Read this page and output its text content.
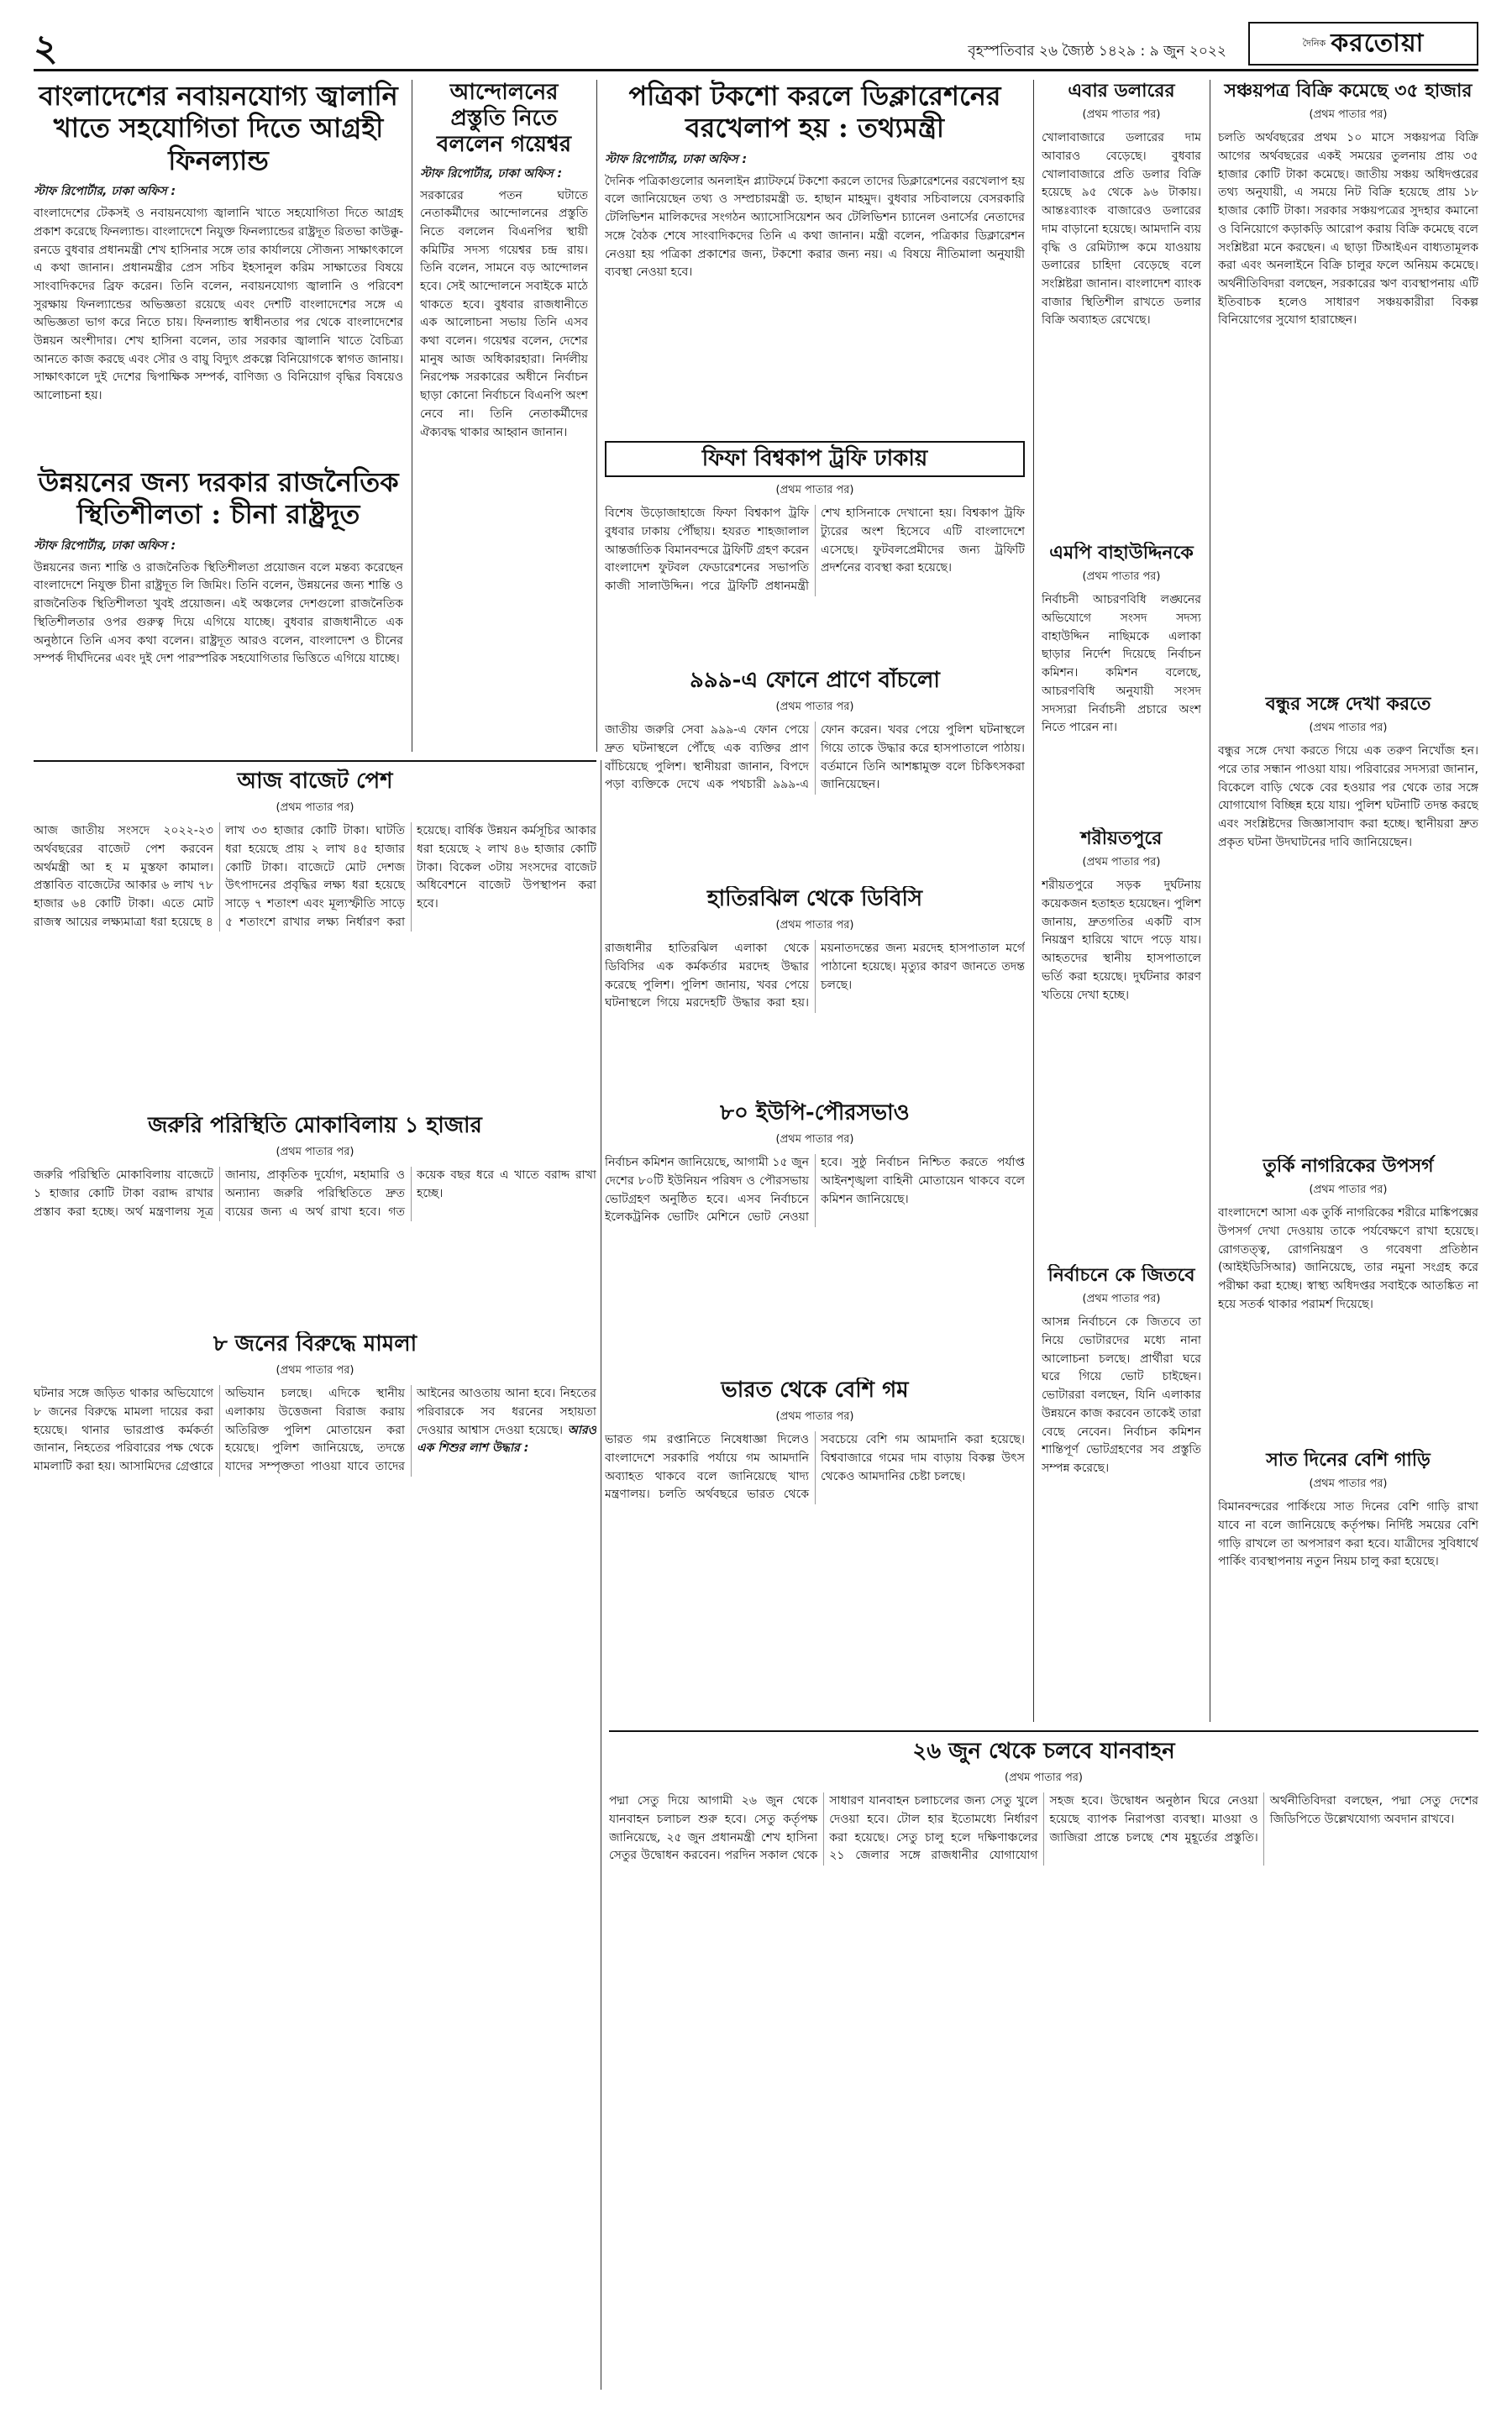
২	বৃহস্পতিবার ২৬ জ্যৈষ্ঠ ১৪২৯ : ৯ জুন ২০২২	দৈনিক করতোয়া
বাংলাদেশের নবায়নযোগ্য জ্বালানি খাতে সহযোগিতা দিতে আগ্রহী ফিনল্যান্ড
স্টাফ রিপোর্টার, ঢাকা অফিস :
বাংলাদেশের টেকসই ও নবায়নযোগ্য জ্বালানি খাতে সহযোগিতা দিতে আগ্রহ প্রকাশ করেছে ফিনল্যান্ড। বাংলাদেশে নিযুক্ত ফিনল্যান্ডের রাষ্ট্রদূত রিতভা কাউক্কু-রনডে বুধবার প্রধানমন্ত্রী শেখ হাসিনার সঙ্গে তার কার্যালয়ে সৌজন্য সাক্ষাৎকালে এ কথা জানান। প্রধানমন্ত্রীর প্রেস সচিব ইহসানুল করিম সাক্ষাতের বিষয়ে সাংবাদিকদের ব্রিফ করেন। তিনি বলেন, নবায়নযোগ্য জ্বালানি ও পরিবেশ সুরক্ষায় ফিনল্যান্ডের অভিজ্ঞতা রয়েছে এবং দেশটি বাংলাদেশের সঙ্গে এ অভিজ্ঞতা ভাগ করে নিতে চায়। ফিনল্যান্ড স্বাধীনতার পর থেকে বাংলাদেশের উন্নয়ন অংশীদার। শেখ হাসিনা বলেন, তার সরকার জ্বালানি খাতে বৈচিত্র্য আনতে কাজ করছে এবং সৌর ও বায়ু বিদ্যুৎ প্রকল্পে বিনিয়োগকে স্বাগত জানায়। সাক্ষাৎকালে দুই দেশের দ্বিপাক্ষিক সম্পর্ক, বাণিজ্য ও বিনিয়োগ বৃদ্ধির বিষয়েও আলোচনা হয়।
উন্নয়নের জন্য দরকার রাজনৈতিক স্থিতিশীলতা : চীনা রাষ্ট্রদূত
স্টাফ রিপোর্টার, ঢাকা অফিস :
উন্নয়নের জন্য শান্তি ও রাজনৈতিক স্থিতিশীলতা প্রয়োজন বলে মন্তব্য করেছেন বাংলাদেশে নিযুক্ত চীনা রাষ্ট্রদূত লি জিমিং। তিনি বলেন, উন্নয়নের জন্য শান্তি ও রাজনৈতিক স্থিতিশীলতা খুবই প্রয়োজন। এই অঞ্চলের দেশগুলো রাজনৈতিক স্থিতিশীলতার ওপর গুরুত্ব দিয়ে এগিয়ে যাচ্ছে। বুধবার রাজধানীতে এক অনুষ্ঠানে তিনি এসব কথা বলেন। রাষ্ট্রদূত আরও বলেন, বাংলাদেশ ও চীনের সম্পর্ক দীর্ঘদিনের এবং দুই দেশ পারস্পরিক সহযোগিতার ভিত্তিতে এগিয়ে যাচ্ছে।
আন্দোলনের প্রস্তুতি নিতে বললেন গয়েশ্বর
স্টাফ রিপোর্টার, ঢাকা অফিস :
সরকারের পতন ঘটাতে নেতাকর্মীদের আন্দোলনের প্রস্তুতি নিতে বললেন বিএনপির স্থায়ী কমিটির সদস্য গয়েশ্বর চন্দ্র রায়। তিনি বলেন, সামনে বড় আন্দোলন হবে। সেই আন্দোলনে সবাইকে মাঠে থাকতে হবে। বুধবার রাজধানীতে এক আলোচনা সভায় তিনি এসব কথা বলেন। গয়েশ্বর বলেন, দেশের মানুষ আজ অধিকারহারা। নির্দলীয় নিরপেক্ষ সরকারের অধীনে নির্বাচন ছাড়া কোনো নির্বাচনে বিএনপি অংশ নেবে না। তিনি নেতাকর্মীদের ঐক্যবদ্ধ থাকার আহ্বান জানান।
পত্রিকা টকশো করলে ডিক্লারেশনের বরখেলাপ হয় : তথ্যমন্ত্রী
স্টাফ রিপোর্টার, ঢাকা অফিস :
দৈনিক পত্রিকাগুলোর অনলাইন প্ল্যাটফর্মে টকশো করলে তাদের ডিক্লারেশনের বরখেলাপ হয় বলে জানিয়েছেন তথ্য ও সম্প্রচারমন্ত্রী ড. হাছান মাহমুদ। বুধবার সচিবালয়ে বেসরকারি টেলিভিশন মালিকদের সংগঠন অ্যাসোসিয়েশন অব টেলিভিশন চ্যানেল ওনার্সের নেতাদের সঙ্গে বৈঠক শেষে সাংবাদিকদের তিনি এ কথা জানান। মন্ত্রী বলেন, পত্রিকার ডিক্লারেশন নেওয়া হয় পত্রিকা প্রকাশের জন্য, টকশো করার জন্য নয়। এ বিষয়ে নীতিমালা অনুযায়ী ব্যবস্থা নেওয়া হবে।
ফিফা বিশ্বকাপ ট্রফি ঢাকায়
(প্রথম পাতার পর)
বিশেষ উড়োজাহাজে ফিফা বিশ্বকাপ ট্রফি বুধবার ঢাকায় পৌঁছায়। হযরত শাহজালাল আন্তর্জাতিক বিমানবন্দরে ট্রফিটি গ্রহণ করেন বাংলাদেশ ফুটবল ফেডারেশনের সভাপতি কাজী সালাউদ্দিন। পরে ট্রফিটি প্রধানমন্ত্রী শেখ হাসিনাকে দেখানো হয়। বিশ্বকাপ ট্রফি ট্যুরের অংশ হিসেবে এটি বাংলাদেশে এসেছে। ফুটবলপ্রেমীদের জন্য ট্রফিটি প্রদর্শনের ব্যবস্থা করা হয়েছে।
৯৯৯-এ ফোনে প্রাণে বাঁচলো
(প্রথম পাতার পর)
জাতীয় জরুরি সেবা ৯৯৯-এ ফোন পেয়ে দ্রুত ঘটনাস্থলে পৌঁছে এক ব্যক্তির প্রাণ বাঁচিয়েছে পুলিশ। স্থানীয়রা জানান, বিপদে পড়া ব্যক্তিকে দেখে এক পথচারী ৯৯৯-এ ফোন করেন। খবর পেয়ে পুলিশ ঘটনাস্থলে গিয়ে তাকে উদ্ধার করে হাসপাতালে পাঠায়। বর্তমানে তিনি আশঙ্কামুক্ত বলে চিকিৎসকরা জানিয়েছেন।
হাতিরঝিল থেকে ডিবিসি
(প্রথম পাতার পর)
রাজধানীর হাতিরঝিল এলাকা থেকে ডিবিসির এক কর্মকর্তার মরদেহ উদ্ধার করেছে পুলিশ। পুলিশ জানায়, খবর পেয়ে ঘটনাস্থলে গিয়ে মরদেহটি উদ্ধার করা হয়। ময়নাতদন্তের জন্য মরদেহ হাসপাতাল মর্গে পাঠানো হয়েছে। মৃত্যুর কারণ জানতে তদন্ত চলছে।
৮০ ইউপি-পৌরসভাও
(প্রথম পাতার পর)
নির্বাচন কমিশন জানিয়েছে, আগামী ১৫ জুন দেশের ৮০টি ইউনিয়ন পরিষদ ও পৌরসভায় ভোটগ্রহণ অনুষ্ঠিত হবে। এসব নির্বাচনে ইলেকট্রনিক ভোটিং মেশিনে ভোট নেওয়া হবে। সুষ্ঠু নির্বাচন নিশ্চিত করতে পর্যাপ্ত আইনশৃঙ্খলা বাহিনী মোতায়েন থাকবে বলে কমিশন জানিয়েছে।
ভারত থেকে বেশি গম
(প্রথম পাতার পর)
ভারত গম রপ্তানিতে নিষেধাজ্ঞা দিলেও বাংলাদেশে সরকারি পর্যায়ে গম আমদানি অব্যাহত থাকবে বলে জানিয়েছে খাদ্য মন্ত্রণালয়। চলতি অর্থবছরে ভারত থেকে সবচেয়ে বেশি গম আমদানি করা হয়েছে। বিশ্ববাজারে গমের দাম বাড়ায় বিকল্প উৎস থেকেও আমদানির চেষ্টা চলছে।
আজ বাজেট পেশ
(প্রথম পাতার পর)
আজ জাতীয় সংসদে ২০২২-২৩ অর্থবছরের বাজেট পেশ করবেন অর্থমন্ত্রী আ হ ম মুস্তফা কামাল। প্রস্তাবিত বাজেটের আকার ৬ লাখ ৭৮ হাজার ৬৪ কোটি টাকা। এতে মোট রাজস্ব আয়ের লক্ষ্যমাত্রা ধরা হয়েছে ৪ লাখ ৩৩ হাজার কোটি টাকা। ঘাটতি ধরা হয়েছে প্রায় ২ লাখ ৪৫ হাজার কোটি টাকা। বাজেটে মোট দেশজ উৎপাদনের প্রবৃদ্ধির লক্ষ্য ধরা হয়েছে সাড়ে ৭ শতাংশ এবং মূল্যস্ফীতি সাড়ে ৫ শতাংশে রাখার লক্ষ্য নির্ধারণ করা হয়েছে। বার্ষিক উন্নয়ন কর্মসূচির আকার ধরা হয়েছে ২ লাখ ৪৬ হাজার কোটি টাকা। বিকেল ৩টায় সংসদের বাজেট অধিবেশনে বাজেট উপস্থাপন করা হবে।
জরুরি পরিস্থিতি মোকাবিলায় ১ হাজার
(প্রথম পাতার পর)
জরুরি পরিস্থিতি মোকাবিলায় বাজেটে ১ হাজার কোটি টাকা বরাদ্দ রাখার প্রস্তাব করা হচ্ছে। অর্থ মন্ত্রণালয় সূত্র জানায়, প্রাকৃতিক দুর্যোগ, মহামারি ও অন্যান্য জরুরি পরিস্থিতিতে দ্রুত ব্যয়ের জন্য এ অর্থ রাখা হবে। গত কয়েক বছর ধরে এ খাতে বরাদ্দ রাখা হচ্ছে।
৮ জনের বিরুদ্ধে মামলা
(প্রথম পাতার পর)
ঘটনার সঙ্গে জড়িত থাকার অভিযোগে ৮ জনের বিরুদ্ধে মামলা দায়ের করা হয়েছে। থানার ভারপ্রাপ্ত কর্মকর্তা জানান, নিহতের পরিবারের পক্ষ থেকে মামলাটি করা হয়। আসামিদের গ্রেপ্তারে অভিযান চলছে। এদিকে স্থানীয় এলাকায় উত্তেজনা বিরাজ করায় অতিরিক্ত পুলিশ মোতায়েন করা হয়েছে। পুলিশ জানিয়েছে, তদন্তে যাদের সম্পৃক্ততা পাওয়া যাবে তাদের আইনের আওতায় আনা হবে। নিহতের পরিবারকে সব ধরনের সহায়তা দেওয়ার আশ্বাস দেওয়া হয়েছে। আরও এক শিশুর লাশ উদ্ধার :
এবার ডলারের
(প্রথম পাতার পর)
খোলাবাজারে ডলারের দাম আবারও বেড়েছে। বুধবার খোলাবাজারে প্রতি ডলার বিক্রি হয়েছে ৯৫ থেকে ৯৬ টাকায়। আন্তঃব্যাংক বাজারেও ডলারের দাম বাড়ানো হয়েছে। আমদানি ব্যয় বৃদ্ধি ও রেমিট্যান্স কমে যাওয়ায় ডলারের চাহিদা বেড়েছে বলে সংশ্লিষ্টরা জানান। বাংলাদেশ ব্যাংক বাজার স্থিতিশীল রাখতে ডলার বিক্রি অব্যাহত রেখেছে।
এমপি বাহাউদ্দিনকে
(প্রথম পাতার পর)
নির্বাচনী আচরণবিধি লঙ্ঘনের অভিযোগে সংসদ সদস্য বাহাউদ্দিন নাছিমকে এলাকা ছাড়ার নির্দেশ দিয়েছে নির্বাচন কমিশন। কমিশন বলেছে, আচরণবিধি অনুযায়ী সংসদ সদস্যরা নির্বাচনী প্রচারে অংশ নিতে পারেন না।
শরীয়তপুরে
(প্রথম পাতার পর)
শরীয়তপুরে সড়ক দুর্ঘটনায় কয়েকজন হতাহত হয়েছেন। পুলিশ জানায়, দ্রুতগতির একটি বাস নিয়ন্ত্রণ হারিয়ে খাদে পড়ে যায়। আহতদের স্থানীয় হাসপাতালে ভর্তি করা হয়েছে। দুর্ঘটনার কারণ খতিয়ে দেখা হচ্ছে।
নির্বাচনে কে জিতবে
(প্রথম পাতার পর)
আসন্ন নির্বাচনে কে জিতবে তা নিয়ে ভোটারদের মধ্যে নানা আলোচনা চলছে। প্রার্থীরা ঘরে ঘরে গিয়ে ভোট চাইছেন। ভোটাররা বলছেন, যিনি এলাকার উন্নয়নে কাজ করবেন তাকেই তারা বেছে নেবেন। নির্বাচন কমিশন শান্তিপূর্ণ ভোটগ্রহণের সব প্রস্তুতি সম্পন্ন করেছে।
সঞ্চয়পত্র বিক্রি কমেছে ৩৫ হাজার
(প্রথম পাতার পর)
চলতি অর্থবছরের প্রথম ১০ মাসে সঞ্চয়পত্র বিক্রি আগের অর্থবছরের একই সময়ের তুলনায় প্রায় ৩৫ হাজার কোটি টাকা কমেছে। জাতীয় সঞ্চয় অধিদপ্তরের তথ্য অনুযায়ী, এ সময়ে নিট বিক্রি হয়েছে প্রায় ১৮ হাজার কোটি টাকা। সরকার সঞ্চয়পত্রের সুদহার কমানো ও বিনিয়োগে কড়াকড়ি আরোপ করায় বিক্রি কমেছে বলে সংশ্লিষ্টরা মনে করছেন। এ ছাড়া টিআইএন বাধ্যতামূলক করা এবং অনলাইনে বিক্রি চালুর ফলে অনিয়ম কমেছে। অর্থনীতিবিদরা বলছেন, সরকারের ঋণ ব্যবস্থাপনায় এটি ইতিবাচক হলেও সাধারণ সঞ্চয়কারীরা বিকল্প বিনিয়োগের সুযোগ হারাচ্ছেন।
বন্ধুর সঙ্গে দেখা করতে
(প্রথম পাতার পর)
বন্ধুর সঙ্গে দেখা করতে গিয়ে এক তরুণ নিখোঁজ হন। পরে তার সন্ধান পাওয়া যায়। পরিবারের সদস্যরা জানান, বিকেলে বাড়ি থেকে বের হওয়ার পর থেকে তার সঙ্গে যোগাযোগ বিচ্ছিন্ন হয়ে যায়। পুলিশ ঘটনাটি তদন্ত করছে এবং সংশ্লিষ্টদের জিজ্ঞাসাবাদ করা হচ্ছে। স্থানীয়রা দ্রুত প্রকৃত ঘটনা উদঘাটনের দাবি জানিয়েছেন।
তুর্কি নাগরিকের উপসর্গ
(প্রথম পাতার পর)
বাংলাদেশে আসা এক তুর্কি নাগরিকের শরীরে মাঙ্কিপক্সের উপসর্গ দেখা দেওয়ায় তাকে পর্যবেক্ষণে রাখা হয়েছে। রোগতত্ত্ব, রোগনিয়ন্ত্রণ ও গবেষণা প্রতিষ্ঠান (আইইডিসিআর) জানিয়েছে, তার নমুনা সংগ্রহ করে পরীক্ষা করা হচ্ছে। স্বাস্থ্য অধিদপ্তর সবাইকে আতঙ্কিত না হয়ে সতর্ক থাকার পরামর্শ দিয়েছে।
সাত দিনের বেশি গাড়ি
(প্রথম পাতার পর)
বিমানবন্দরের পার্কিংয়ে সাত দিনের বেশি গাড়ি রাখা যাবে না বলে জানিয়েছে কর্তৃপক্ষ। নির্দিষ্ট সময়ের বেশি গাড়ি রাখলে তা অপসারণ করা হবে। যাত্রীদের সুবিধার্থে পার্কিং ব্যবস্থাপনায় নতুন নিয়ম চালু করা হয়েছে।
২৬ জুন থেকে চলবে যানবাহন
(প্রথম পাতার পর)
পদ্মা সেতু দিয়ে আগামী ২৬ জুন থেকে যানবাহন চলাচল শুরু হবে। সেতু কর্তৃপক্ষ জানিয়েছে, ২৫ জুন প্রধানমন্ত্রী শেখ হাসিনা সেতুর উদ্বোধন করবেন। পরদিন সকাল থেকে সাধারণ যানবাহন চলাচলের জন্য সেতু খুলে দেওয়া হবে। টোল হার ইতোমধ্যে নির্ধারণ করা হয়েছে। সেতু চালু হলে দক্ষিণাঞ্চলের ২১ জেলার সঙ্গে রাজধানীর যোগাযোগ সহজ হবে। উদ্বোধন অনুষ্ঠান ঘিরে নেওয়া হয়েছে ব্যাপক নিরাপত্তা ব্যবস্থা। মাওয়া ও জাজিরা প্রান্তে চলছে শেষ মুহূর্তের প্রস্তুতি। অর্থনীতিবিদরা বলছেন, পদ্মা সেতু দেশের জিডিপিতে উল্লেখযোগ্য অবদান রাখবে।
